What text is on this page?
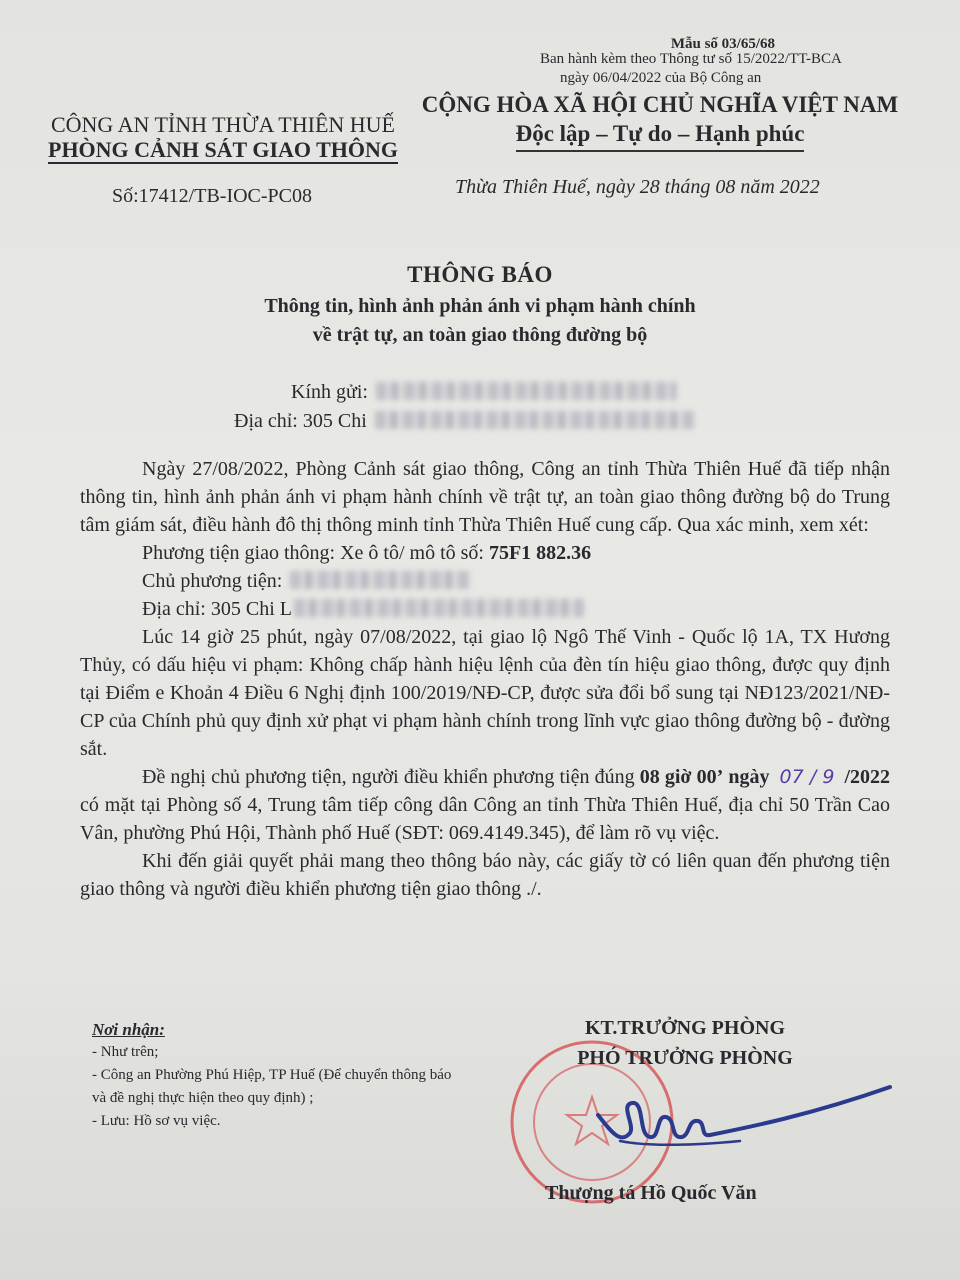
Mẫu số 03/65/68
Ban hành kèm theo Thông tư số 15/2022/TT-BCA
ngày 06/04/2022 của Bộ Công an
CÔNG AN TỈNH THỪA THIÊN HUẾ
PHÒNG CẢNH SÁT GIAO THÔNG
CỘNG HÒA XÃ HỘI CHỦ NGHĨA VIỆT NAM
Độc lập – Tự do – Hạnh phúc
Số:17412/TB-IOC-PC08	Thừa Thiên Huế, ngày 28 tháng 08 năm 2022
THÔNG BÁO
Thông tin, hình ảnh phản ánh vi phạm hành chính
về trật tự, an toàn giao thông đường bộ
Kính gửi:
Địa chỉ: 305 Chi

Ngày 27/08/2022, Phòng Cảnh sát giao thông, Công an tỉnh Thừa Thiên Huế đã tiếp nhận thông tin, hình ảnh phản ánh vi phạm hành chính về trật tự, an toàn giao thông đường bộ do Trung tâm giám sát, điều hành đô thị thông minh tỉnh Thừa Thiên Huế cung cấp. Qua xác minh, xem xét:

Phương tiện giao thông: Xe ô tô/ mô tô số: 75F1 882.36

Chủ phương tiện:

Địa chỉ: 305 Chi L

Lúc 14 giờ 25 phút, ngày 07/08/2022, tại giao lộ Ngô Thế Vinh - Quốc lộ 1A, TX Hương Thủy, có dấu hiệu vi phạm: Không chấp hành hiệu lệnh của đèn tín hiệu giao thông, được quy định tại Điểm e Khoản 4 Điều 6 Nghị định 100/2019/NĐ-CP, được sửa đổi bổ sung tại NĐ123/2021/NĐ-CP của Chính phủ quy định xử phạt vi phạm hành chính trong lĩnh vực giao thông đường bộ - đường sắt.

Đề nghị chủ phương tiện, người điều khiển phương tiện đúng 08 giờ 00’ ngày 07 / 9 /2022 có mặt tại Phòng số 4, Trung tâm tiếp công dân Công an tỉnh Thừa Thiên Huế, địa chỉ 50 Trần Cao Vân, phường Phú Hội, Thành phố Huế (SĐT: 069.4149.345), để làm rõ vụ việc.

Khi đến giải quyết phải mang theo thông báo này, các giấy tờ có liên quan đến phương tiện giao thông và người điều khiển phương tiện giao thông ./.

Nơi nhận:
- Như trên;
- Công an Phường Phú Hiệp, TP Huế (Để chuyển thông báo và đề nghị thực hiện theo quy định) ;
- Lưu: Hồ sơ vụ việc.
KT.TRƯỞNG PHÒNG
PHÓ TRƯỞNG PHÒNG
Thượng tá Hồ Quốc Văn
